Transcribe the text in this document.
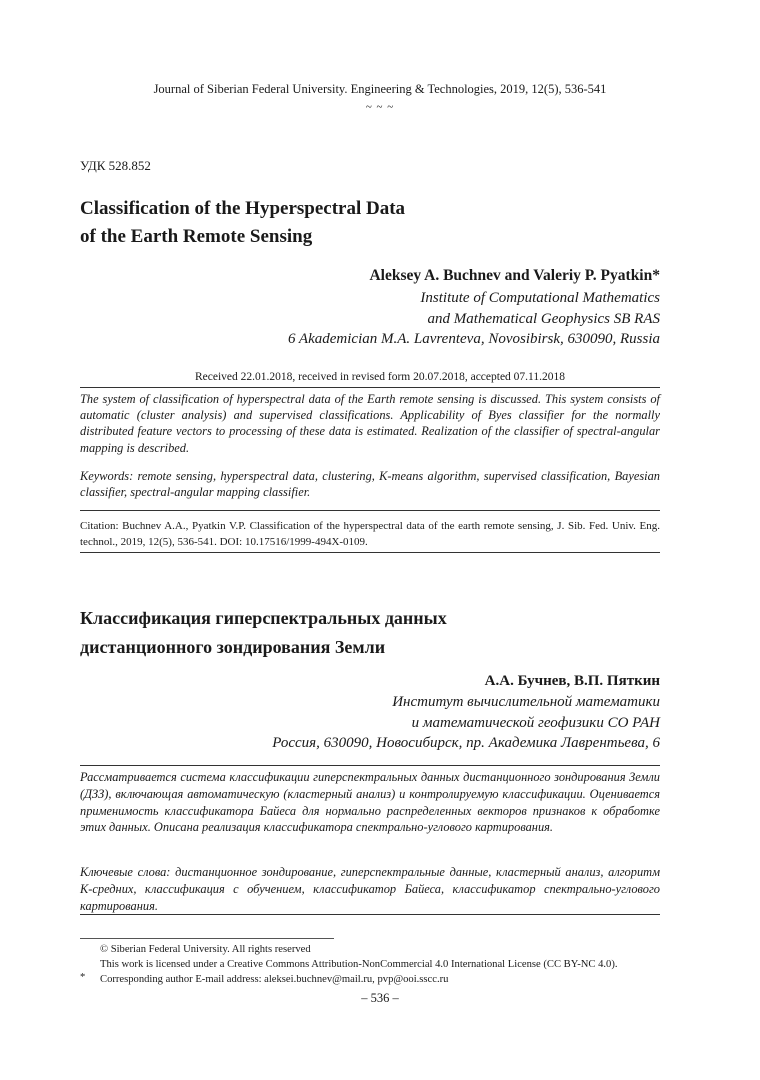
Journal of Siberian Federal University. Engineering & Technologies, 2019, 12(5), 536-541
~ ~ ~
УДК 528.852
Classification of the Hyperspectral Data
of the Earth Remote Sensing
Aleksey A. Buchnev and Valeriy P. Pyatkin*
Institute of Computational Mathematics
and Mathematical Geophysics SB RAS
6 Akademician M.A. Lavrenteva, Novosibirsk, 630090, Russia
Received 22.01.2018, received in revised form 20.07.2018, accepted 07.11.2018
The system of classification of hyperspectral data of the Earth remote sensing is discussed. This system consists of automatic (cluster analysis) and supervised classifications. Applicability of Byes classifier for the normally distributed feature vectors to processing of these data is estimated. Realization of the classifier of spectral-angular mapping is described.
Keywords: remote sensing, hyperspectral data, clustering, K-means algorithm, supervised classification, Bayesian classifier, spectral-angular mapping classifier.
Citation: Buchnev A.A., Pyatkin V.P. Classification of the hyperspectral data of the earth remote sensing, J. Sib. Fed. Univ. Eng. technol., 2019, 12(5), 536-541. DOI: 10.17516/1999-494X-0109.
Классификация гиперспектральных данных
дистанционного зондирования Земли
А.А. Бучнев, В.П. Пяткин
Институт вычислительной математики
и математической геофизики СО РАН
Россия, 630090, Новосибирск, пр. Академика Лаврентьева, 6
Рассматривается система классификации гиперспектральных данных дистанционного зондирования Земли (ДЗЗ), включающая автоматическую (кластерный анализ) и контролируемую классификации. Оценивается применимость классификатора Байеса для нормально распределенных векторов признаков к обработке этих данных. Описана реализация классификатора спектрально-углового картирования.
Ключевые слова: дистанционное зондирование, гиперспектральные данные, кластерный анализ, алгоритм K-средних, классификация с обучением, классификатор Байеса, классификатор спектрально-углового картирования.
© Siberian Federal University. All rights reserved
This work is licensed under a Creative Commons Attribution-NonCommercial 4.0 International License (CC BY-NC 4.0).
Corresponding author E-mail address: aleksei.buchnev@mail.ru, pvp@ooi.sscc.ru
*
– 536 –
